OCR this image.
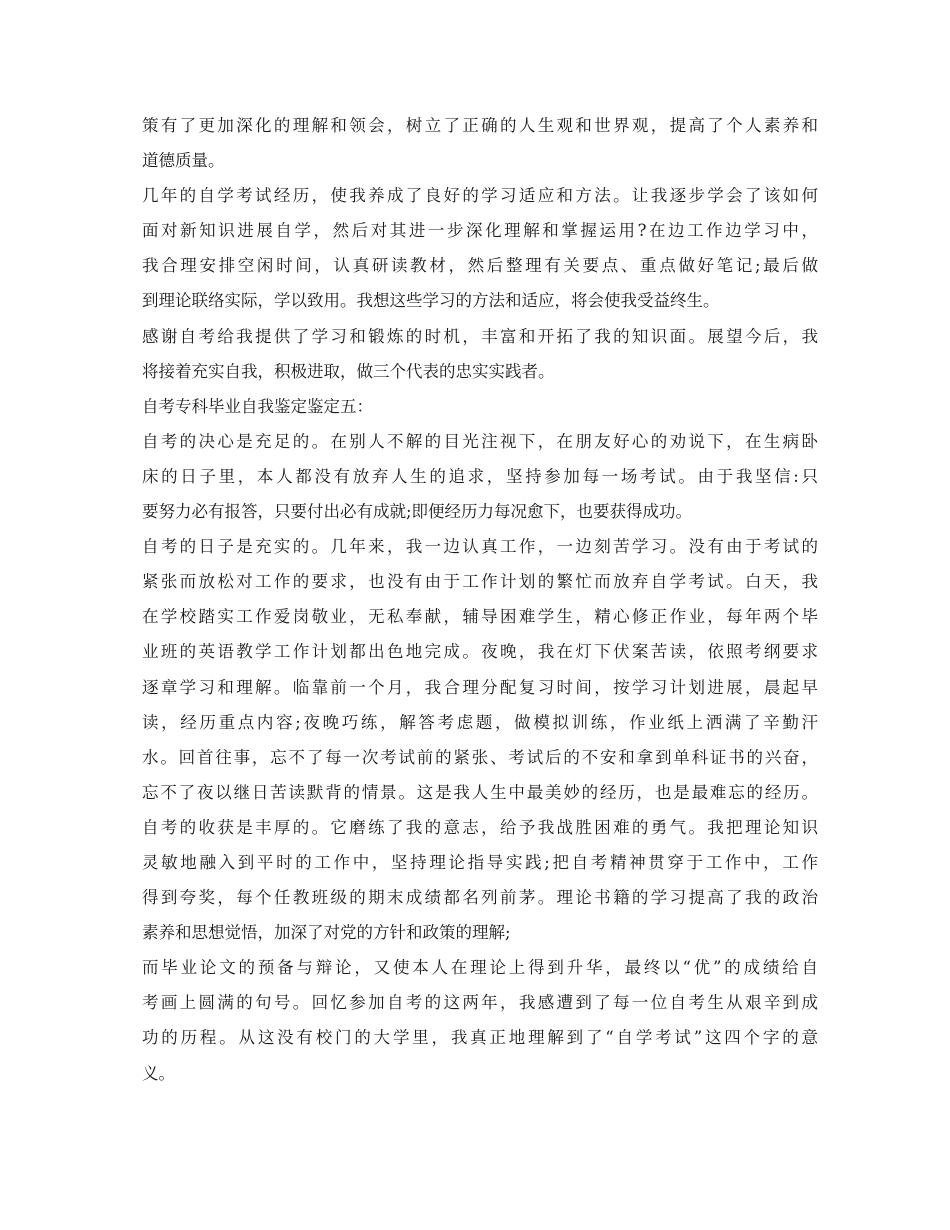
策有了更加深化的理解和领会，树立了正确的人生观和世界观，提高了个人素养和
道德质量。
几年的自学考试经历，使我养成了良好的学习适应和方法。让我逐步学会了该如何
面对新知识进展自学，然后对其进一步深化理解和掌握运用?在边工作边学习中，
我合理安排空闲时间，认真研读教材，然后整理有关要点、重点做好笔记;最后做
到理论联络实际，学以致用。我想这些学习的方法和适应，将会使我受益终生。
感谢自考给我提供了学习和锻炼的时机，丰富和开拓了我的知识面。展望今后，我
将接着充实自我，积极进取，做三个代表的忠实实践者。
自考专科毕业自我鉴定鉴定五：
自考的决心是充足的。在别人不解的目光注视下，在朋友好心的劝说下，在生病卧
床的日子里，本人都没有放弃人生的追求，坚持参加每一场考试。由于我坚信:只
要努力必有报答，只要付出必有成就;即便经历力每况愈下，也要获得成功。
自考的日子是充实的。几年来，我一边认真工作，一边刻苦学习。没有由于考试的
紧张而放松对工作的要求，也没有由于工作计划的繁忙而放弃自学考试。白天，我
在学校踏实工作爱岗敬业，无私奉献，辅导困难学生，精心修正作业，每年两个毕
业班的英语教学工作计划都出色地完成。夜晚，我在灯下伏案苦读，依照考纲要求
逐章学习和理解。临靠前一个月，我合理分配复习时间，按学习计划进展，晨起早
读，经历重点内容;夜晚巧练，解答考虑题，做模拟训练，作业纸上洒满了辛勤汗
水。回首往事，忘不了每一次考试前的紧张、考试后的不安和拿到单科证书的兴奋，
忘不了夜以继日苦读默背的情景。这是我人生中最美妙的经历，也是最难忘的经历。
自考的收获是丰厚的。它磨练了我的意志，给予我战胜困难的勇气。我把理论知识
灵敏地融入到平时的工作中，坚持理论指导实践;把自考精神贯穿于工作中，工作
得到夸奖，每个任教班级的期末成绩都名列前茅。理论书籍的学习提高了我的政治
素养和思想觉悟，加深了对党的方针和政策的理解;
而毕业论文的预备与辩论，又使本人在理论上得到升华，最终以“优”的成绩给自
考画上圆满的句号。回忆参加自考的这两年，我感遭到了每一位自考生从艰辛到成
功的历程。从这没有校门的大学里，我真正地理解到了“自学考试”这四个字的意
义。
